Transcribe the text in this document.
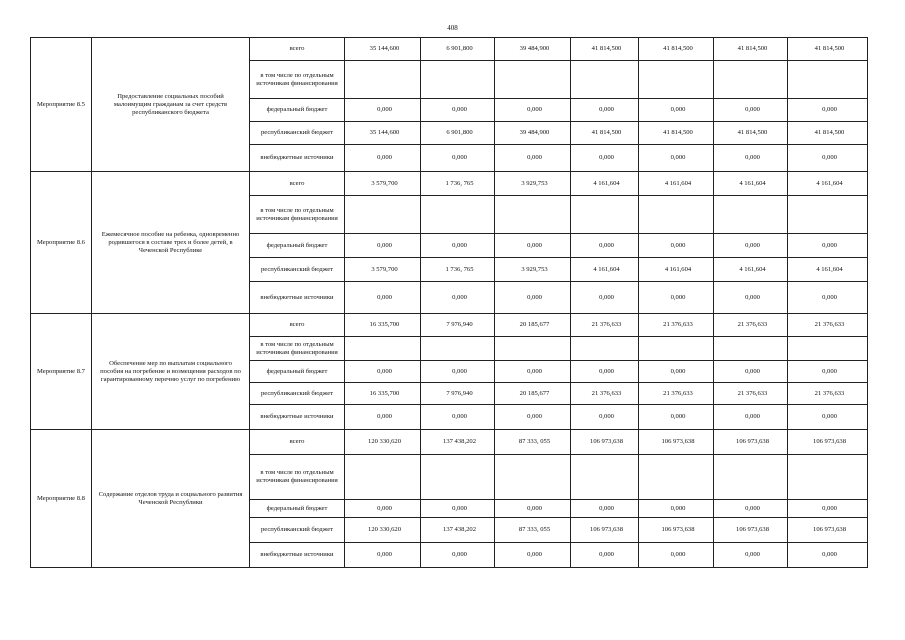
408
Мероприятие 8.5	Предоставление социальных пособий малоимущим гражданам за счет средств республиканского бюджета	всего	35 144,600	6 901,800	39 484,900	41 814,500	41 814,500	41 814,500	41 814,500
		в том числе по отдельным источникам финансирования							
		федеральный бюджет	0,000	0,000	0,000	0,000	0,000	0,000	0,000
		республиканский бюджет	35 144,600	6 901,800	39 484,900	41 814,500	41 814,500	41 814,500	41 814,500
		внебюджетные источники	0,000	0,000	0,000	0,000	0,000	0,000	0,000
Мероприятие 8.6	Ежемесячное пособие на ребенка, одновременно родившегося в составе трех и более детей, в Чеченской Республике	всего	3 579,700	1 736, 765	3 929,753	4 161,604	4 161,604	4 161,604	4 161,604
		в том числе по отдельным источникам финансирования							
		федеральный бюджет	0,000	0,000	0,000	0,000	0,000	0,000	0,000
		республиканский бюджет	3 579,700	1 736, 765	3 929,753	4 161,604	4 161,604	4 161,604	4 161,604
		внебюджетные источники	0,000	0,000	0,000	0,000	0,000	0,000	0,000
Мероприятие 8.7	Обеспечение мер по выплатам социального пособия на погребение и возмещения расходов по гарантированному перечню услуг по погребению	всего	16 335,700	7 976,940	20 185,677	21 376,633	21 376,633	21 376,633	21 376,633
		в том числе по отдельным источникам финансирования							
		федеральный бюджет	0,000	0,000	0,000	0,000	0,000	0,000	0,000
		республиканский бюджет	16 335,700	7 976,940	20 185,677	21 376,633	21 376,633	21 376,633	21 376,633
		внебюджетные источники	0,000	0,000	0,000	0,000	0,000	0,000	0,000
Мероприятие 8.8	Содержание отделов труда и социального развития Чеченской Республики	всего	120 330,620	137 438,202	87 333, 055	106 973,638	106 973,638	106 973,638	106 973,638
		в том числе по отдельным источникам финансирования							
		федеральный бюджет	0,000	0,000	0,000	0,000	0,000	0,000	0,000
		республиканский бюджет	120 330,620	137 438,202	87 333, 055	106 973,638	106 973,638	106 973,638	106 973,638
		внебюджетные источники	0,000	0,000	0,000	0,000	0,000	0,000	0,000
